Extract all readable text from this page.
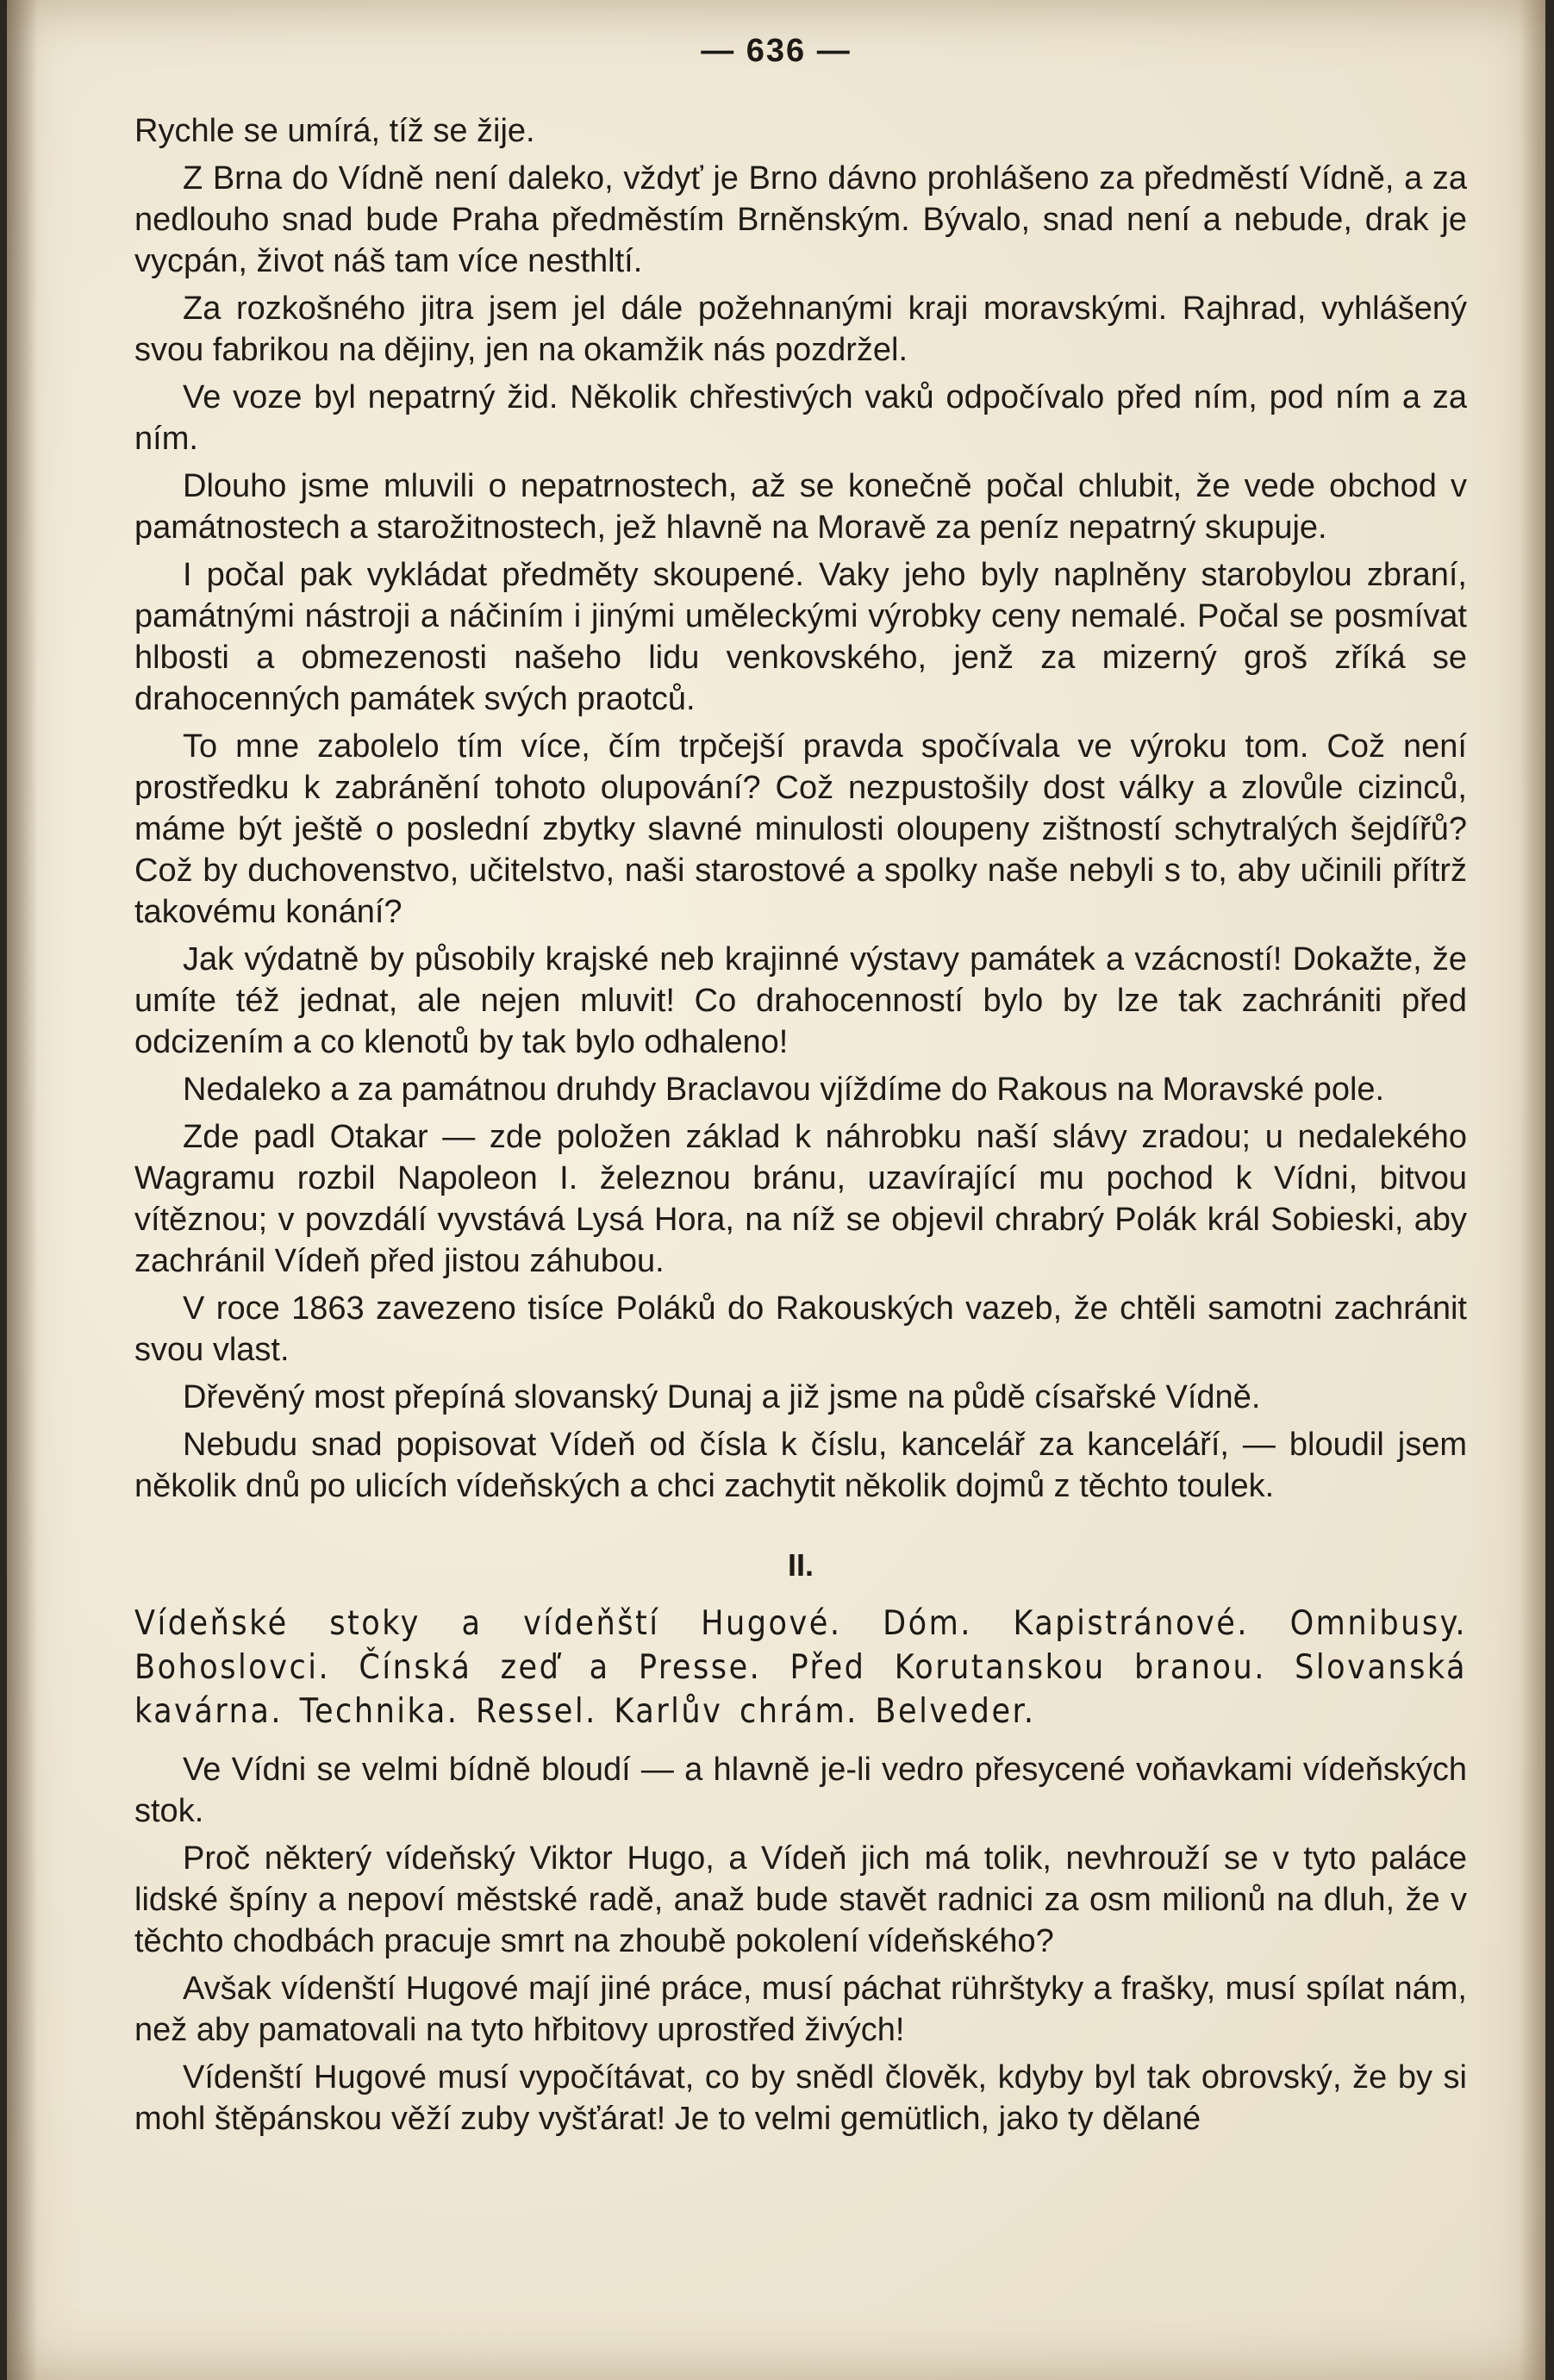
— 636 —

Rychle se umírá, tíž se žije.

Z Brna do Vídně není daleko, vždyť je Brno dávno prohlášeno za předměstí Vídně, a za nedlouho snad bude Praha předměstím Brněnským. Bývalo, snad není a nebude, drak je vycpán, život náš tam více nesthltí.

Za rozkošného jitra jsem jel dále požehnanými kraji moravskými. Rajhrad, vyhlášený svou fabrikou na dějiny, jen na okamžik nás pozdržel.

Ve voze byl nepatrný žid. Několik chřestivých vaků odpočívalo před ním, pod ním a za ním.

Dlouho jsme mluvili o nepatrnostech, až se konečně počal chlubit, že vede obchod v památnostech a starožitnostech, jež hlavně na Moravě za peníz nepatrný skupuje.

I počal pak vykládat předměty skoupené. Vaky jeho byly naplněny starobylou zbraní, památnými nástroji a náčiním i jinými uměleckými výrobky ceny nemalé. Počal se posmívat hlbosti a obmezenosti našeho lidu venkovského, jenž za mizerný groš zříká se drahocenných památek svých praotců.

To mne zabolelo tím více, čím trpčejší pravda spočívala ve výroku tom. Což není prostředku k zabránění tohoto olupování? Což nezpustošily dost války a zlovůle cizinců, máme být ještě o poslední zbytky slavné minulosti oloupeny zištností schytralých šejdířů? Což by duchovenstvo, učitelstvo, naši starostové a spolky naše nebyli s to, aby učinili přítrž takovému konání?

Jak výdatně by působily krajské neb krajinné výstavy památek a vzácností! Dokažte, že umíte též jednat, ale nejen mluvit! Co drahocenností bylo by lze tak zachrániti před odcizením a co klenotů by tak bylo odhaleno!

Nedaleko a za památnou druhdy Braclavou vjíždíme do Rakous na Moravské pole.

Zde padl Otakar — zde položen základ k náhrobku naší slávy zradou; u nedalekého Wagramu rozbil Napoleon I. železnou bránu, uzavírající mu pochod k Vídni, bitvou vítěznou; v povzdálí vyvstává Lysá Hora, na níž se objevil chrabrý Polák král Sobieski, aby zachránil Vídeň před jistou záhubou.

V roce 1863 zavezeno tisíce Poláků do Rakouských vazeb, že chtěli samotni zachránit svou vlast.

Dřevěný most přepíná slovanský Dunaj a již jsme na půdě císařské Vídně.

Nebudu snad popisovat Vídeň od čísla k číslu, kancelář za kanceláří, — bloudil jsem několik dnů po ulicích vídeňských a chci zachytit několik dojmů z těchto toulek.

II.
Vídeňské stoky a vídeňští Hugové. Dóm. Kapistránové. Omnibusy. Bohoslovci. Čínská zeď a Presse. Před Korutanskou branou. Slovanská kavárna. Technika. Ressel. Karlův chrám. Belveder.

Ve Vídni se velmi bídně bloudí — a hlavně je-li vedro přesycené voňavkami vídeňských stok.

Proč některý vídeňský Viktor Hugo, a Vídeň jich má tolik, nevhrouží se v tyto paláce lidské špíny a nepoví městské radě, anaž bude stavět radnici za osm milionů na dluh, že v těchto chodbách pracuje smrt na zhoubě pokolení vídeňského?

Avšak vídenští Hugové mají jiné práce, musí páchat rührštyky a frašky, musí spílat nám, než aby pamatovali na tyto hřbitovy uprostřed živých!

Vídenští Hugové musí vypočítávat, co by snědl člověk, kdyby byl tak obrovský, že by si mohl štěpánskou věží zuby vyšťárat! Je to velmi gemütlich, jako ty dělané
